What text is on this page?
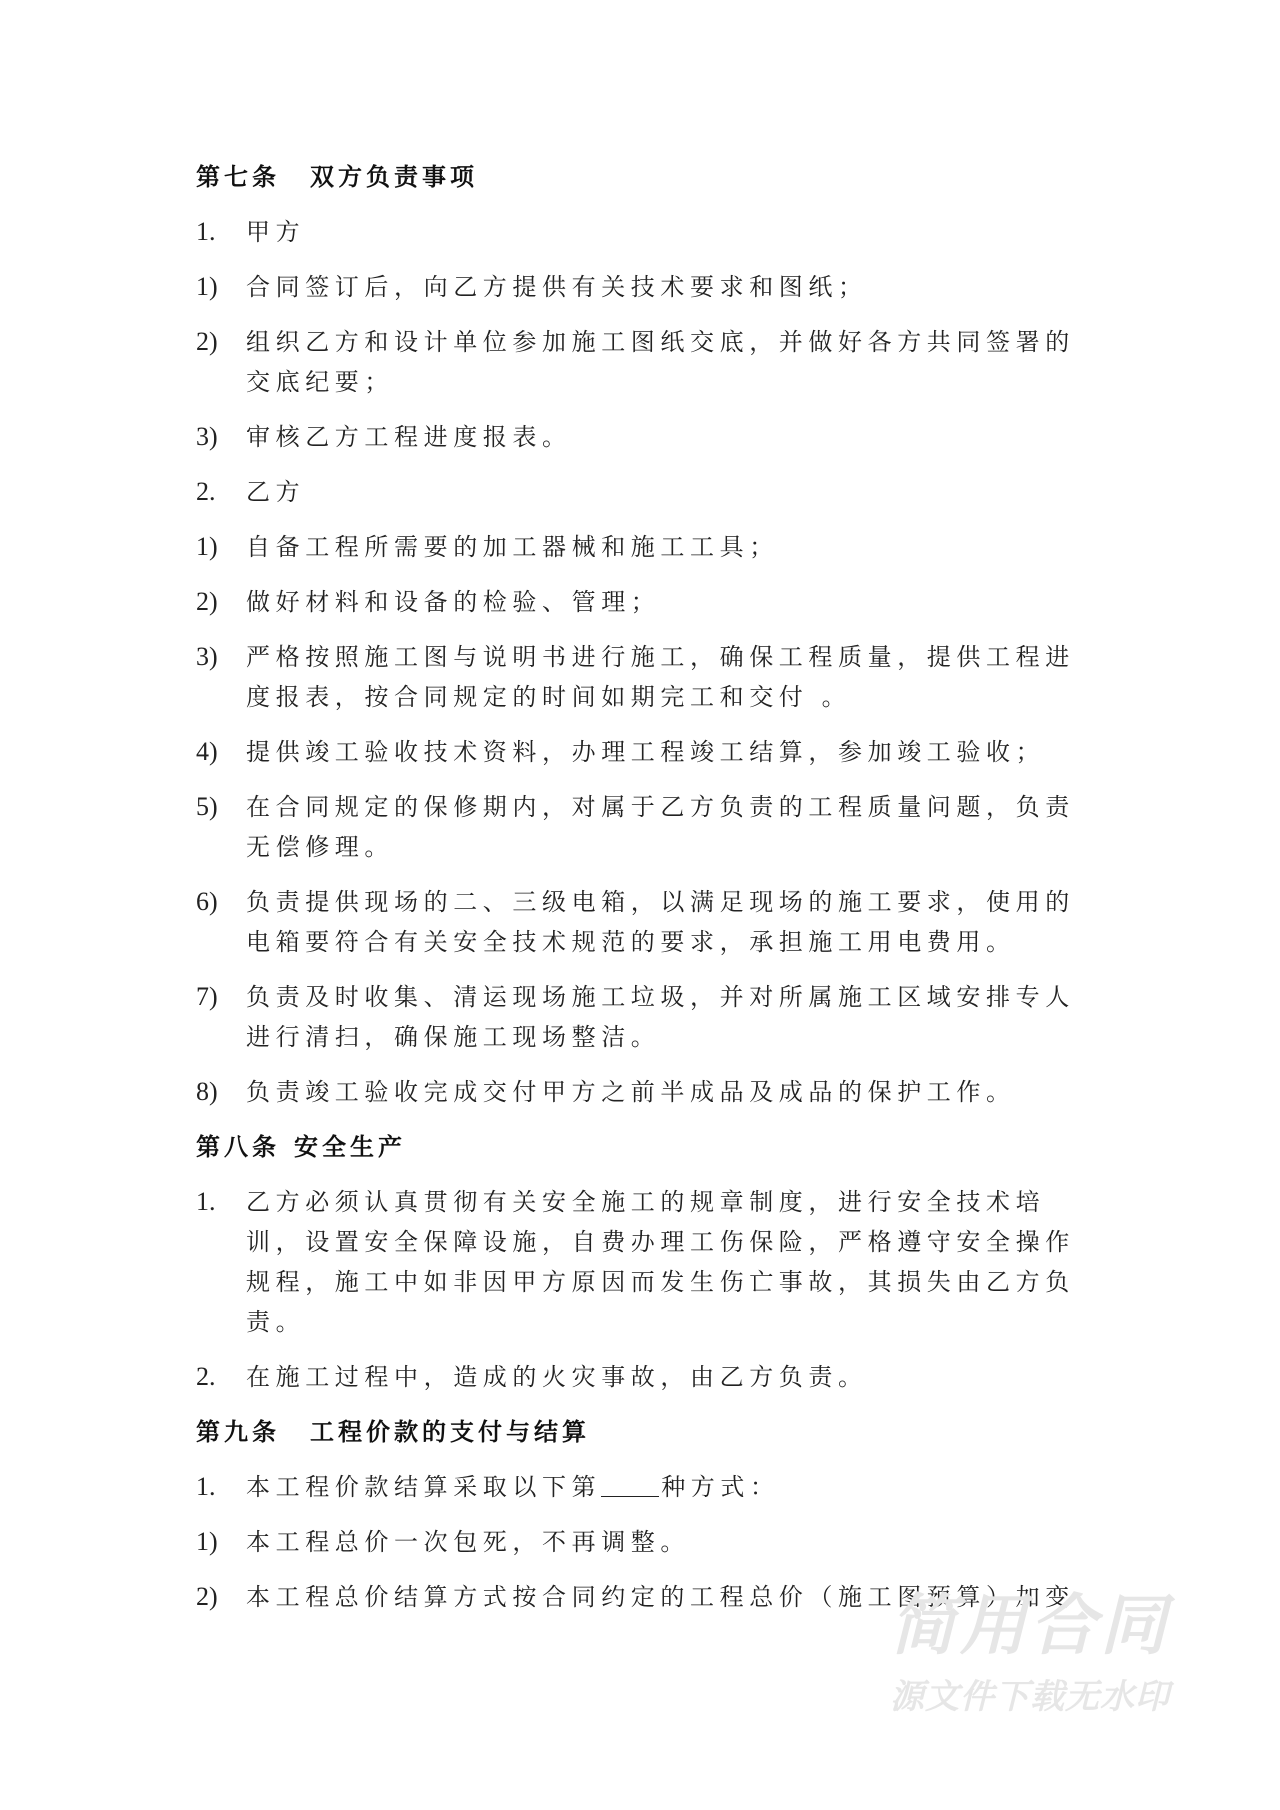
第七条 双方负责事项
1. 甲方
1) 合同签订后，向乙方提供有关技术要求和图纸；
2) 组织乙方和设计单位参加施工图纸交底，并做好各方共同签署的
交底纪要；
3) 审核乙方工程进度报表。
2. 乙方
1) 自备工程所需要的加工器械和施工工具；
2) 做好材料和设备的检验、管理；
3) 严格按照施工图与说明书进行施工，确保工程质量，提供工程进
度报表，按合同规定的时间如期完工和交付 。
4) 提供竣工验收技术资料，办理工程竣工结算，参加竣工验收；
5) 在合同规定的保修期内，对属于乙方负责的工程质量问题，负责
无偿修理。
6) 负责提供现场的二、三级电箱，以满足现场的施工要求，使用的
电箱要符合有关安全技术规范的要求，承担施工用电费用。
7) 负责及时收集、清运现场施工垃圾，并对所属施工区域安排专人
进行清扫，确保施工现场整洁。
8) 负责竣工验收完成交付甲方之前半成品及成品的保护工作。
第八条 安全生产
1. 乙方必须认真贯彻有关安全施工的规章制度，进行安全技术培
训，设置安全保障设施，自费办理工伤保险，严格遵守安全操作
规程，施工中如非因甲方原因而发生伤亡事故，其损失由乙方负
责。
2. 在施工过程中，造成的火灾事故，由乙方负责。
第九条 工程价款的支付与结算
1. 本工程价款结算采取以下第	种方式：
1) 本工程总价一次包死，不再调整。
2) 本工程总价结算方式按合同约定的工程总价（施工图预算）加变
简用合同
源文件下载无水印
